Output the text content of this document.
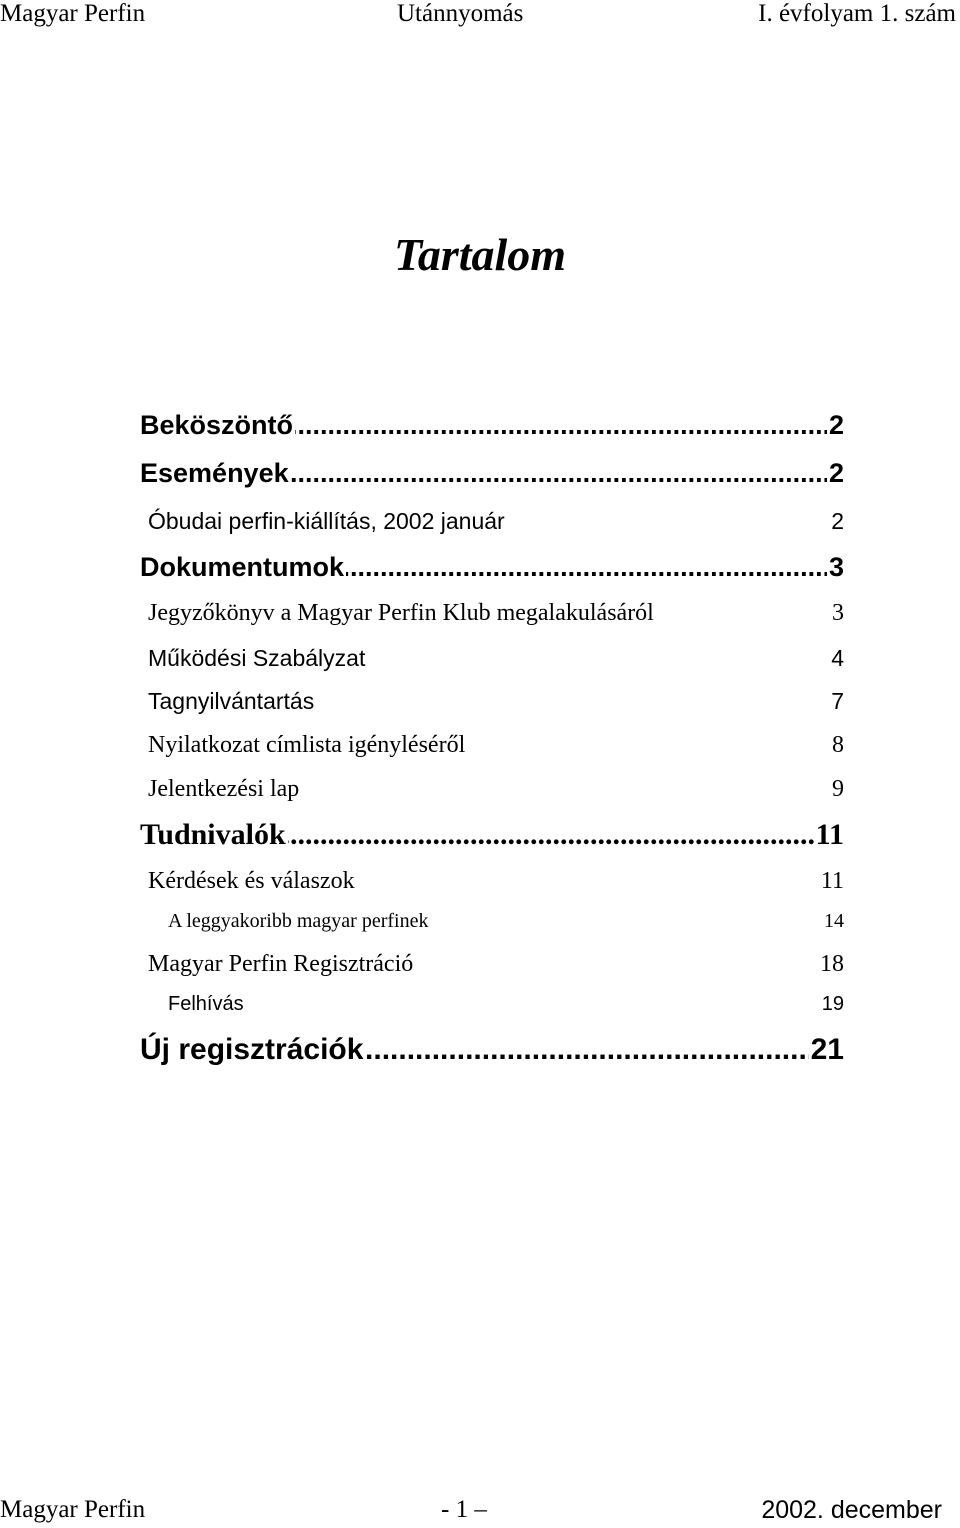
Magyar Perfin	Utánnyomás	I. évfolyam 1. szám
Tartalom
.....
Beköszöntő	2
.....
Események	2
Óbudai perfin-kiállítás, 2002 január	2
.....
Dokumentumok	3
Jegyzőkönyv a Magyar Perfin Klub megalakulásáról	3
Működési Szabályzat	4
Tagnyilvántartás	7
Nyilatkozat címlista igényléséről	8
Jelentkezési lap	9
.....
Tudnivalók	11
Kérdések és válaszok	11
A leggyakoribb magyar perfinek	14
Magyar Perfin Regisztráció	18
Felhívás	19
.....
Új regisztrációk	21
Magyar Perfin	- 1 –	2002. december
